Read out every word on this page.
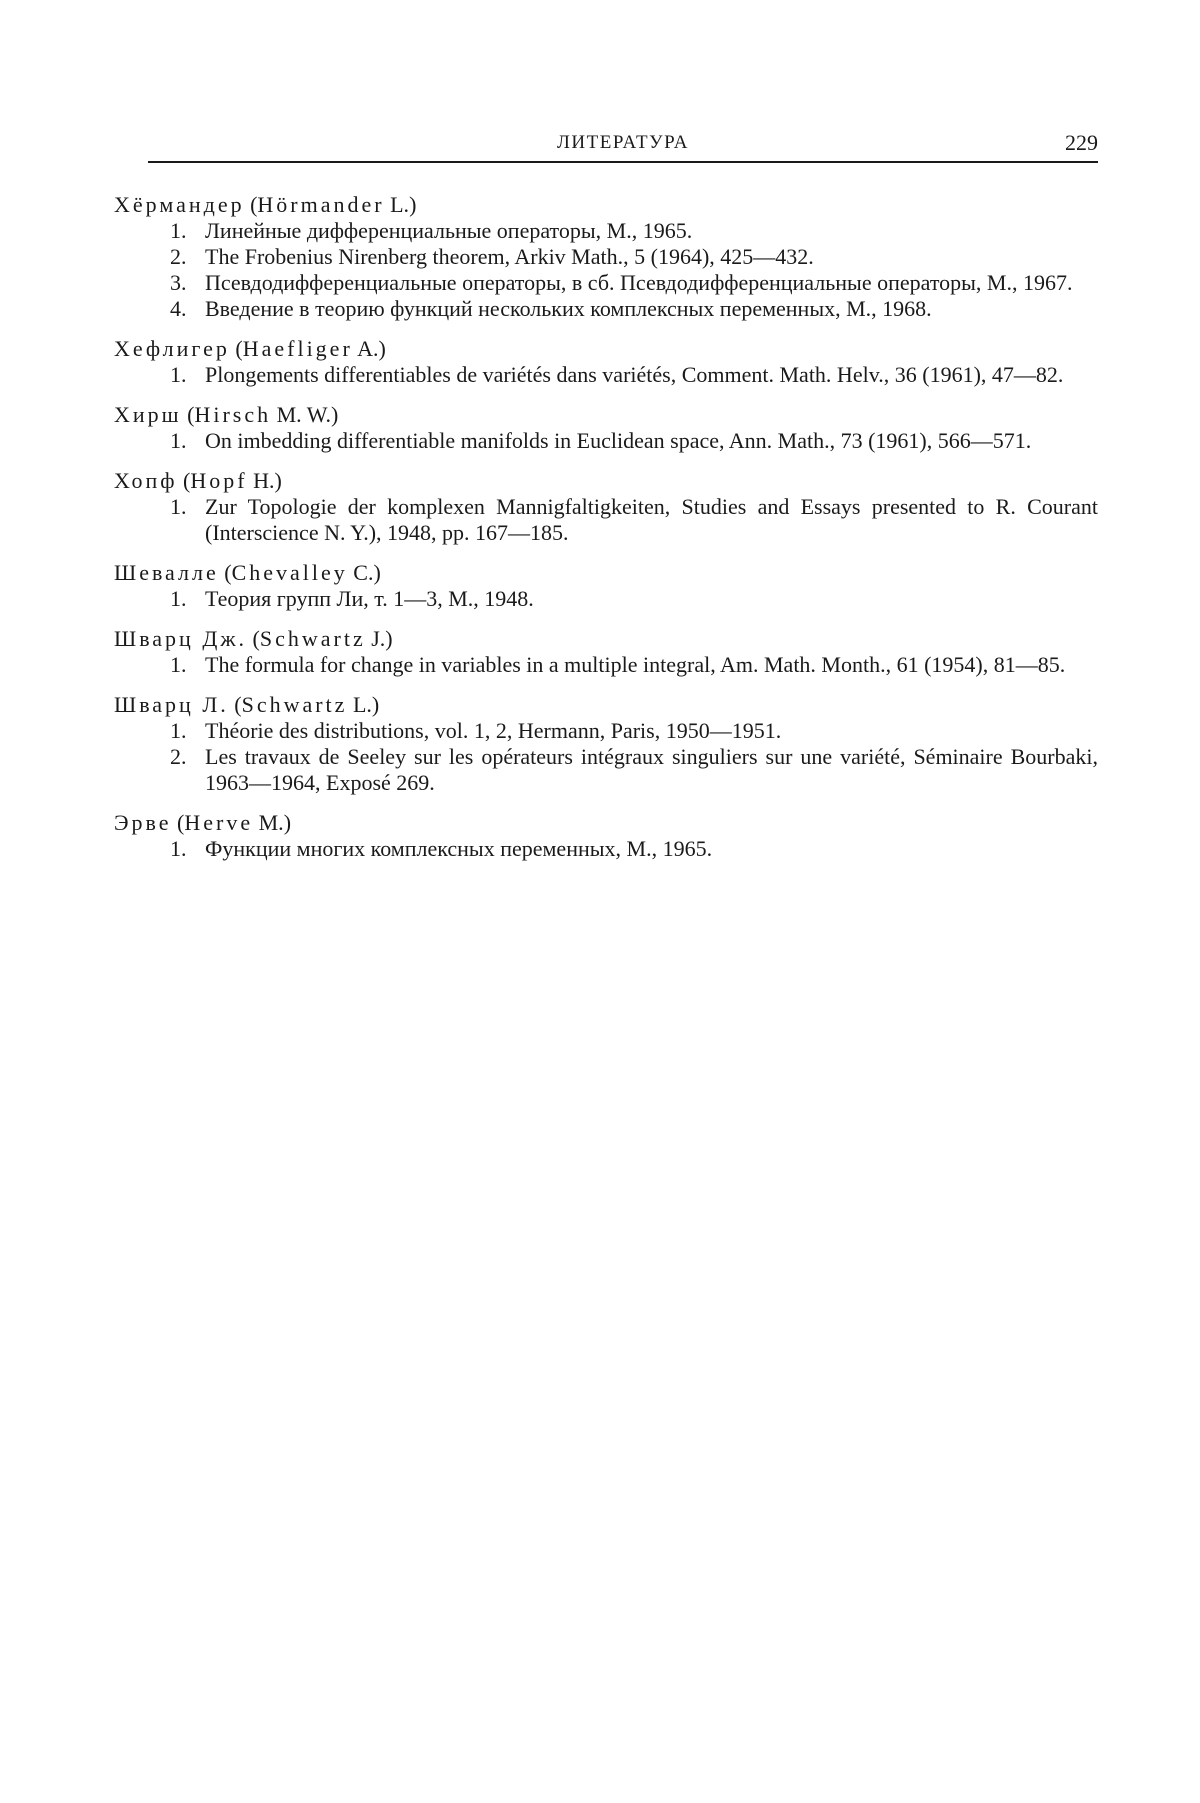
ЛИТЕРАТУРА	229
Хёрмандер (Hörmander L.)
1. Линейные дифференциальные операторы, М., 1965.
2. The Frobenius Nirenberg theorem, Arkiv Math., 5 (1964), 425—432.
3. Псевдодифференциальные операторы, в сб. Псевдодифференциальные операторы, М., 1967.
4. Введение в теорию функций нескольких комплексных переменных, М., 1968.
Хефлигер (Haefliger A.)
1. Plongements differentiables de variétés dans variétés, Comment. Math. Helv., 36 (1961), 47—82.
Хирш (Hirsch M. W.)
1. On imbedding differentiable manifolds in Euclidean space, Ann. Math., 73 (1961), 566—571.
Хопф (Hopf H.)
1. Zur Topologie der komplexen Mannigfaltigkeiten, Studies and Essays presented to R. Courant (Interscience N. Y.), 1948, pp. 167—185.
Шевалле (Chevalley C.)
1. Теория групп Ли, т. 1—3, М., 1948.
Шварц Дж. (Schwartz J.)
1. The formula for change in variables in a multiple integral, Am. Math. Month., 61 (1954), 81—85.
Шварц Л. (Schwartz L.)
1. Théorie des distributions, vol. 1, 2, Hermann, Paris, 1950—1951.
2. Les travaux de Seeley sur les opérateurs intégraux singuliers sur une variété, Séminaire Bourbaki, 1963—1964, Exposé 269.
Эрве (Herve M.)
1. Функции многих комплексных переменных, М., 1965.
